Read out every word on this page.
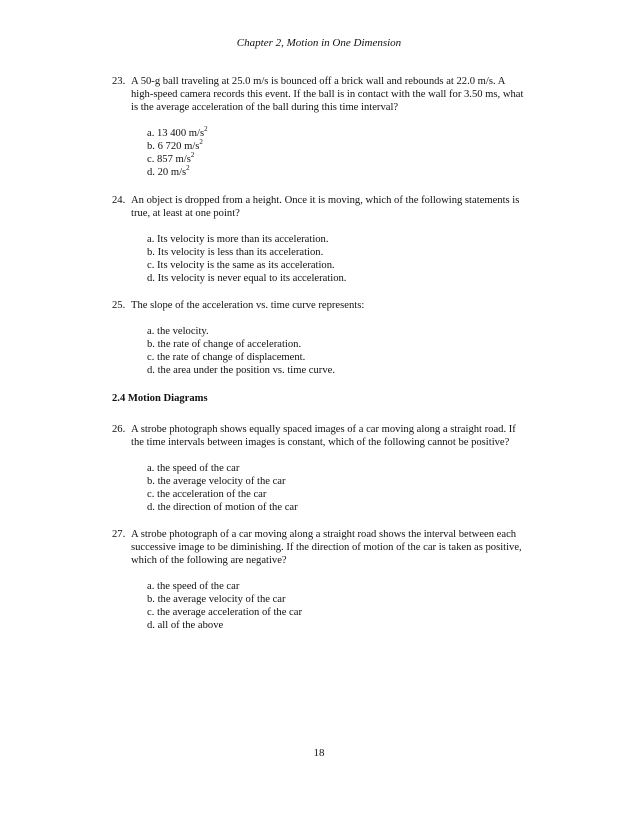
Chapter 2, Motion in One Dimension
23. A 50-g ball traveling at 25.0 m/s is bounced off a brick wall and rebounds at 22.0 m/s. A
high-speed camera records this event. If the ball is in contact with the wall for 3.50 ms, what
is the average acceleration of the ball during this time interval?
a. 13 400 $m/s^2$
b. 6 720 $m/s^2$
c. 857 $m/s^2$
d. 20 $m/s^2$
24. An object is dropped from a height. Once it is moving, which of the following statements is
true, at least at one point?
a. Its velocity is more than its acceleration.
b. Its velocity is less than its acceleration.
c. Its velocity is the same as its acceleration.
d. Its velocity is never equal to its acceleration.
25. The slope of the acceleration vs. time curve represents:
a. the velocity.
b. the rate of change of acceleration.
c. the rate of change of displacement.
d. the area under the position vs. time curve.
2.4 Motion Diagrams
26. A strobe photograph shows equally spaced images of a car moving along a straight road. If
the time intervals between images is constant, which of the following cannot be positive?
a. the speed of the car
b. the average velocity of the car
c. the acceleration of the car
d. the direction of motion of the car
27. A strobe photograph of a car moving along a straight road shows the interval between each
successive image to be diminishing. If the direction of motion of the car is taken as positive,
which of the following are negative?
a. the speed of the car
b. the average velocity of the car
c. the average acceleration of the car
d. all of the above
18
